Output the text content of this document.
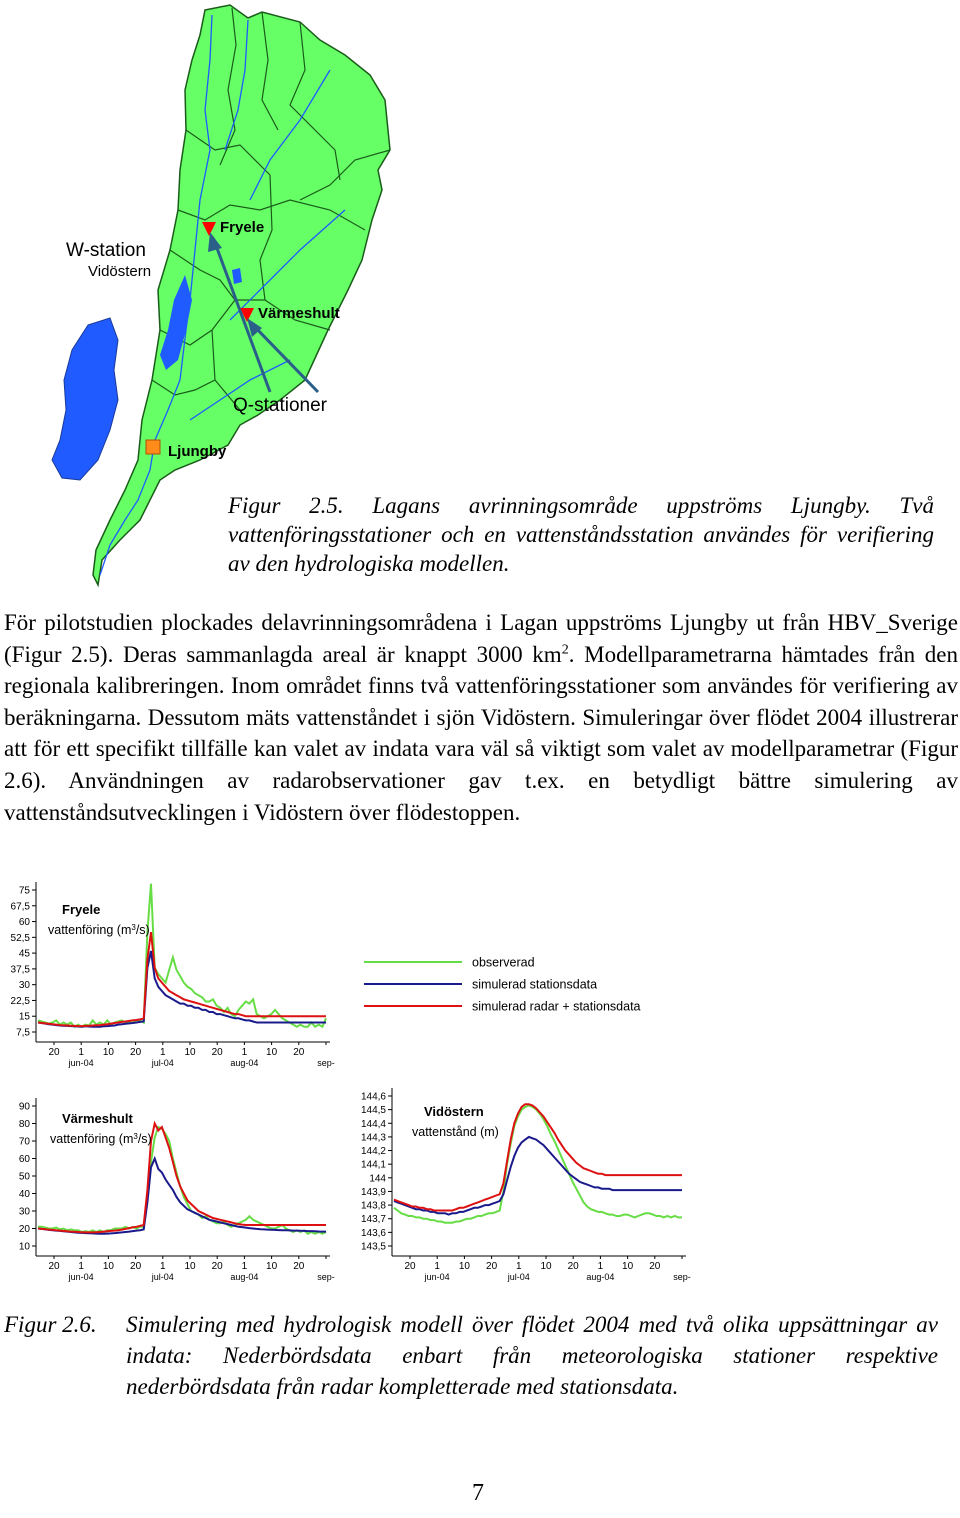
W-station
Vidöstern
Fryele
Värmeshult
Q-stationer
Ljungby
Figur 2.5. Lagans avrinningsområde uppströms Ljungby. Två vattenföringsstationer och en vattenståndsstation användes för verifiering av den hydrologiska modellen.
För pilotstudien plockades delavrinningsområdena i Lagan uppströms Ljungby ut från HBV_Sverige (Figur 2.5). Deras sammanlagda areal är knappt 3000 $km^2$. Modellparametrarna hämtades från den regionala kalibreringen. Inom området finns två vattenföringsstationer som användes för verifiering av beräkningarna. Dessutom mäts vattenståndet i sjön Vidöstern. Simuleringar över flödet 2004 illustrerar att för ett specifikt tillfälle kan valet av indata vara väl så viktigt som valet av modellparametrar (Figur 2.6). Användningen av radarobservationer gav t.ex. en betydligt bättre simulering av vattenståndsutvecklingen i Vidöstern över flödestoppen.
75
67,5
60
52,5
45
37,5
30
22,5
15
7,5
20 1
jun-04
10 20 1
jul-04
10 20 1
aug-04
10 20
sep-
Fryele
vattenföring $(m^3/s)$
90
80
70
60
50
40
30
20
10
20 1
jun-04
10 20 1
jul-04
10 20 1
aug-04
10 20
sep-
Värmeshult
vattenföring $(m^3/s)$
144,6
144,5
144,4
144,3
144,2
144,1
144
143,9
143,8
143,7
143,6
143,5
20 1
jun-04
10 20 1
jul-04
10 20 1
aug-04
10 20
sep-
Vidöstern
vattenstånd (m)
observerad
simulerad stationsdata
simulerad radar + stationsdata
Figur 2.6. Simulering med hydrologisk modell över flödet 2004 med två olika uppsättningar av indata: Nederbördsdata enbart från meteorologiska stationer respektive nederbördsdata från radar kompletterade med stationsdata.
7
